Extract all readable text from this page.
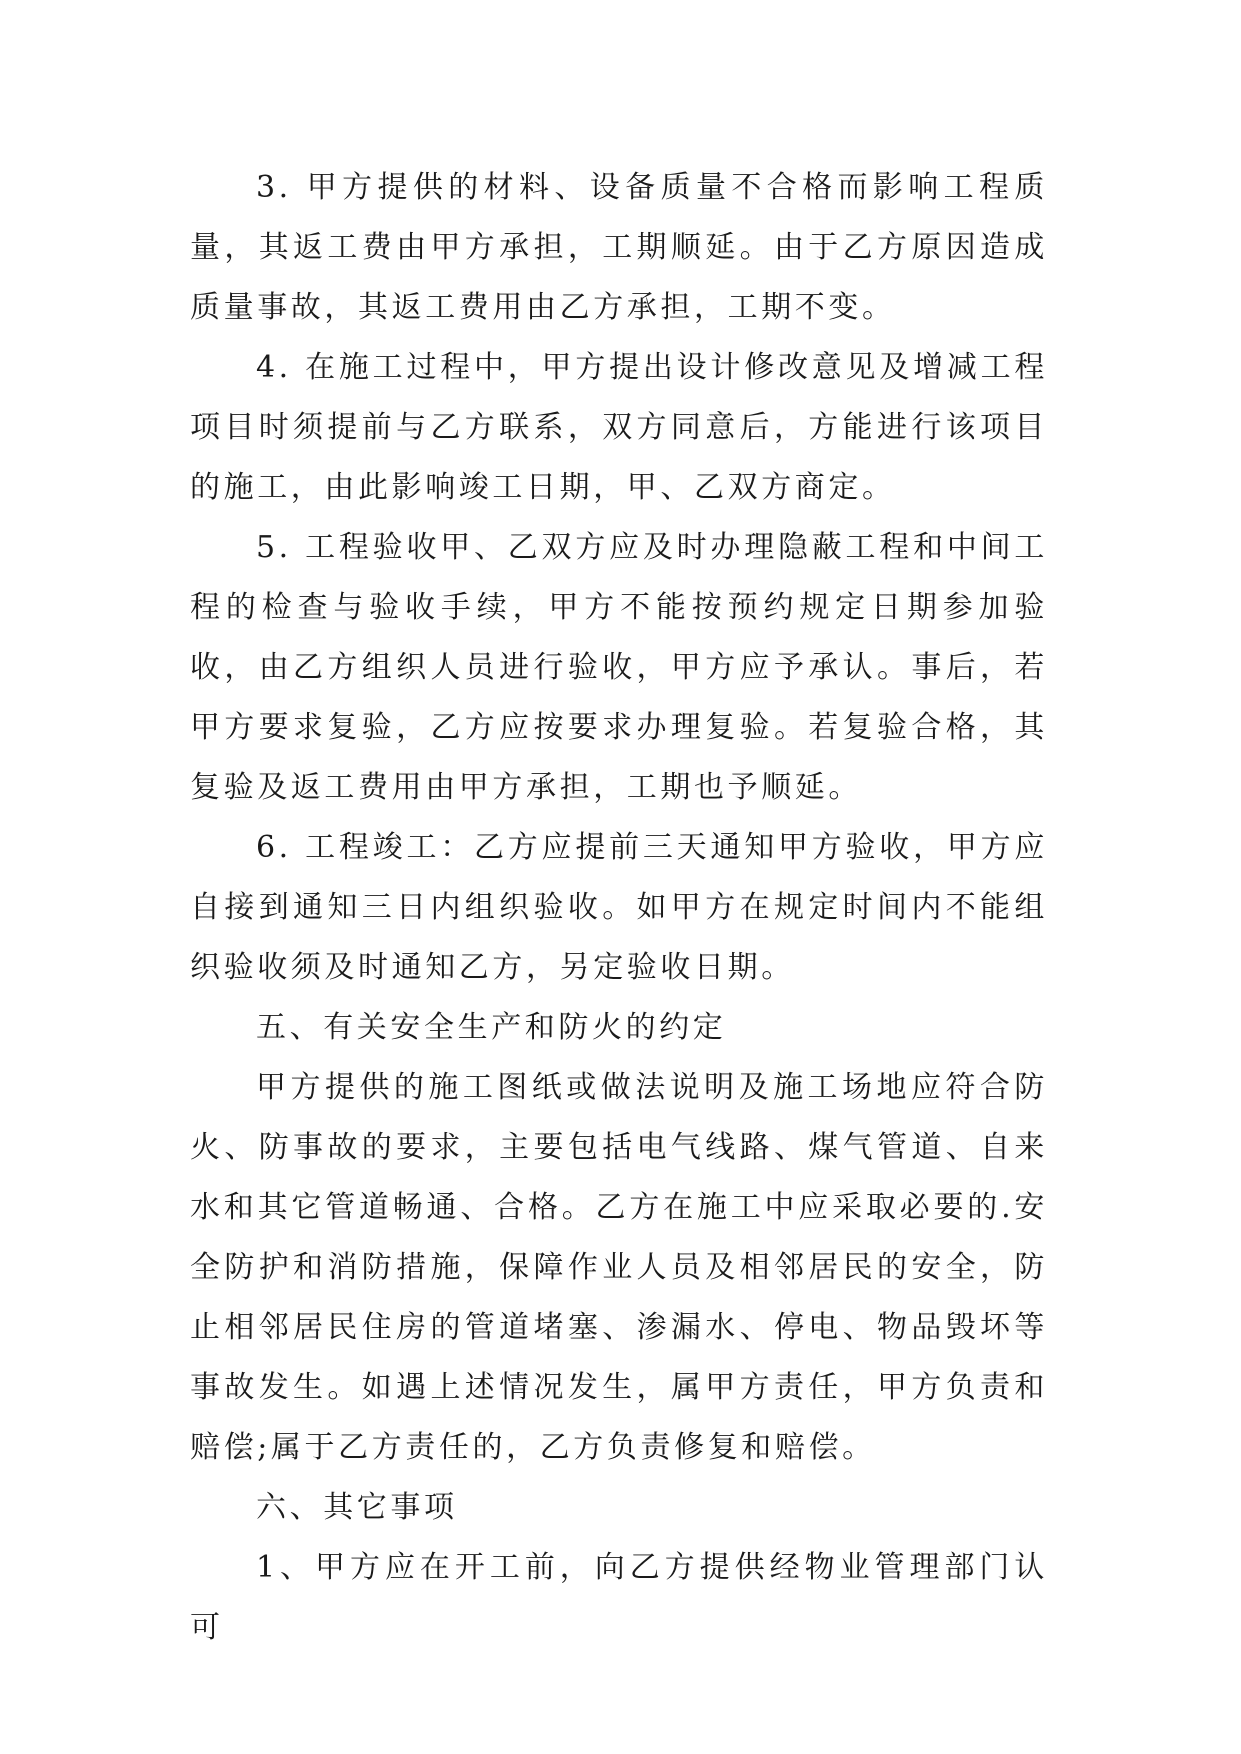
3. 甲方提供的材料、设备质量不合格而影响工程质量，其返工费由甲方承担，工期顺延。由于乙方原因造成质量事故，其返工费用由乙方承担，工期不变。

4. 在施工过程中，甲方提出设计修改意见及增减工程项目时须提前与乙方联系，双方同意后，方能进行该项目的施工，由此影响竣工日期，甲、乙双方商定。

5. 工程验收甲、乙双方应及时办理隐蔽工程和中间工程的检查与验收手续，甲方不能按预约规定日期参加验收，由乙方组织人员进行验收，甲方应予承认。事后，若甲方要求复验，乙方应按要求办理复验。若复验合格，其复验及返工费用由甲方承担，工期也予顺延。

6. 工程竣工：乙方应提前三天通知甲方验收，甲方应自接到通知三日内组织验收。如甲方在规定时间内不能组织验收须及时通知乙方，另定验收日期。

五、有关安全生产和防火的约定

甲方提供的施工图纸或做法说明及施工场地应符合防火、防事故的要求，主要包括电气线路、煤气管道、自来水和其它管道畅通、合格。乙方在施工中应采取必要的.安全防护和消防措施，保障作业人员及相邻居民的安全，防止相邻居民住房的管道堵塞、渗漏水、停电、物品毁坏等事故发生。如遇上述情况发生，属甲方责任，甲方负责和赔偿;属于乙方责任的，乙方负责修复和赔偿。

六、其它事项

1、甲方应在开工前，向乙方提供经物业管理部门认可
